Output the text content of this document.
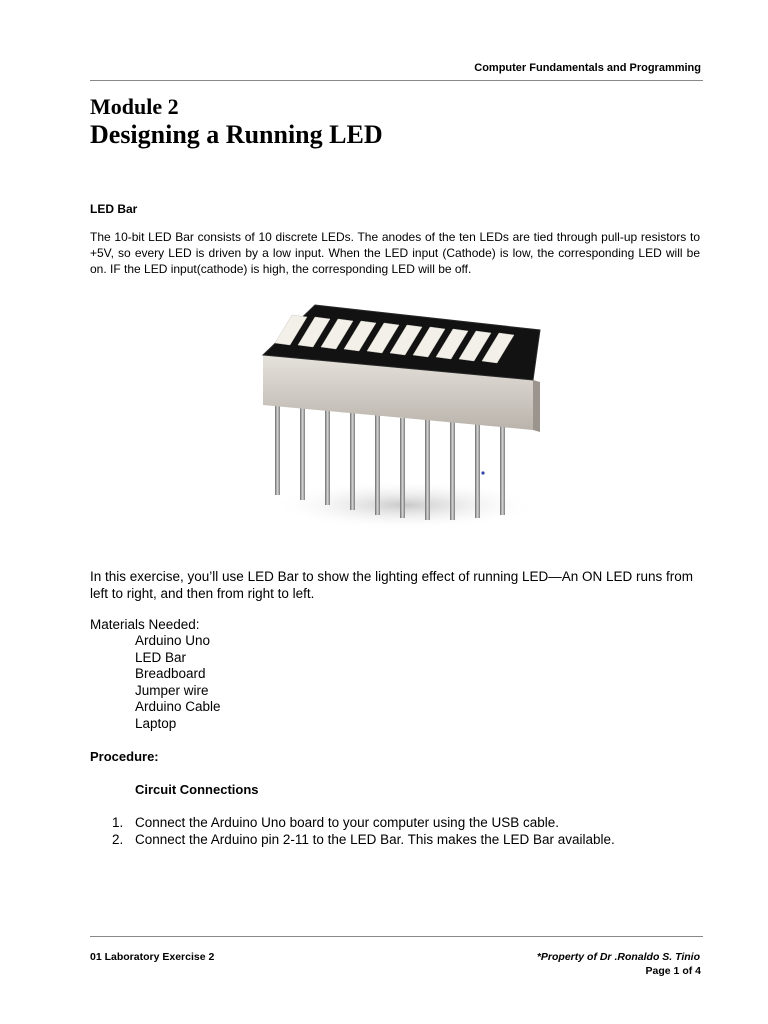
Computer Fundamentals and Programming
Module 2
Designing a Running LED
LED Bar
The 10-bit LED Bar consists of 10 discrete LEDs. The anodes of the ten LEDs are tied through pull-up resistors to +5V, so every LED is driven by a low input. When the LED input (Cathode) is low, the corresponding LED will be on. IF the LED input(cathode) is high, the corresponding LED will be off.
In this exercise, you’ll use LED Bar to show the lighting effect of running LED—An ON LED runs from left to right, and then from right to left.
Materials Needed:
Arduino Uno
LED Bar
Breadboard
Jumper wire
Arduino Cable
Laptop
Procedure:
Circuit Connections
1. Connect the Arduino Uno board to your computer using the USB cable.
2. Connect the Arduino pin 2-11 to the LED Bar. This makes the LED Bar available.
01 Laboratory Exercise 2	*Property of Dr .Ronaldo S. Tinio
Page 1 of 4
